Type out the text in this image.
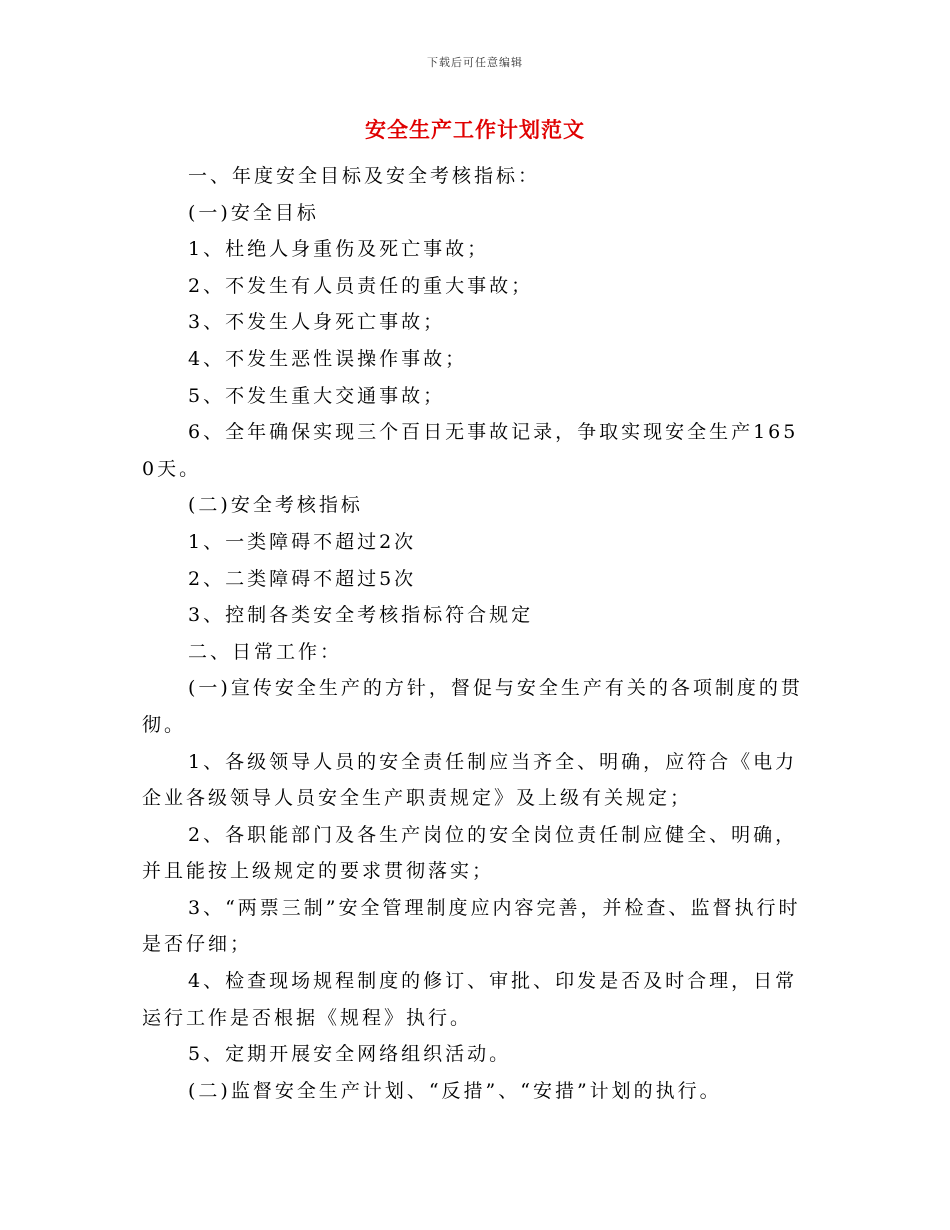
下载后可任意编辑
安全生产工作计划范文

一、年度安全目标及安全考核指标：

(一)安全目标

1、杜绝人身重伤及死亡事故；

2、不发生有人员责任的重大事故；

3、不发生人身死亡事故；

4、不发生恶性误操作事故；

5、不发生重大交通事故；

6、全年确保实现三个百日无事故记录，争取实现安全生产1650天。

(二)安全考核指标

1、一类障碍不超过2次

2、二类障碍不超过5次

3、控制各类安全考核指标符合规定

二、日常工作：

(一)宣传安全生产的方针，督促与安全生产有关的各项制度的贯彻。

1、各级领导人员的安全责任制应当齐全、明确，应符合《电力企业各级领导人员安全生产职责规定》及上级有关规定；

2、各职能部门及各生产岗位的安全岗位责任制应健全、明确，并且能按上级规定的要求贯彻落实；

3、“两票三制”安全管理制度应内容完善，并检查、监督执行时是否仔细；

4、检查现场规程制度的修订、审批、印发是否及时合理，日常运行工作是否根据《规程》执行。

5、定期开展安全网络组织活动。

(二)监督安全生产计划、“反措”、“安措”计划的执行。
